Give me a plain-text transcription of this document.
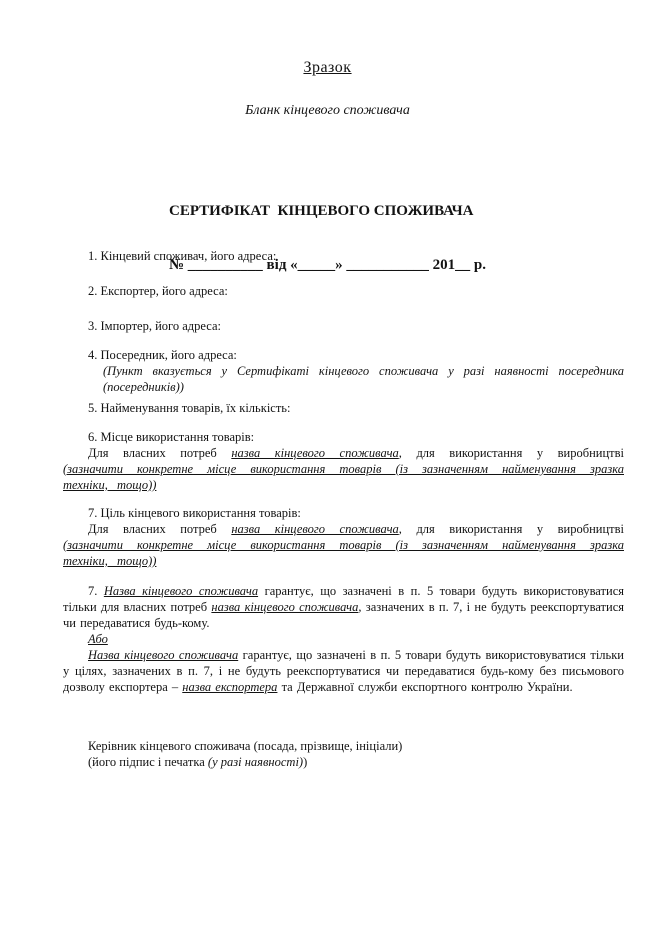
Зразок
Бланк кінцевого споживача

СЕРТИФІКАТ  КІНЦЕВОГО СПОЖИВАЧА

№ __________ від «_____» ___________ 201__ р.

1. Кінцевий споживач, його адреса:
2. Експортер, його адреса:
3. Імпортер, його адреса:
4. Посередник, його адреса:
(Пункт вказується у Сертифікаті кінцевого споживача у разі наявності посередника (посередників))
5. Найменування товарів, їх кількість:
6. Місце використання товарів:
Для власних потреб назва кінцевого споживача, для використання у виробництві (зазначити конкретне місце використання товарів (із зазначенням найменування зразка техніки, тощо))
7. Ціль кінцевого використання товарів:
Для власних потреб назва кінцевого споживача, для використання у виробництві (зазначити конкретне місце використання товарів (із зазначенням найменування зразка техніки, тощо))

7. Назва кінцевого споживача гарантує, що зазначені в п. 5 товари будуть використовуватися тільки для власних потреб назва кінцевого споживача, зазначених в п. 7, і не будуть реекспортуватися чи передаватися будь-кому.

Або

Назва кінцевого споживача гарантує, що зазначені в п. 5 товари будуть використовуватися тільки у цілях, зазначених в п. 7, і не будуть реекспортуватися чи передаватися будь-кому без письмового дозволу експортера – назва експортера та Державної служби експортного контролю України.

Керівник кінцевого споживача (посада, прізвище, ініціали)
(його підпис і печатка (у разі наявності))
